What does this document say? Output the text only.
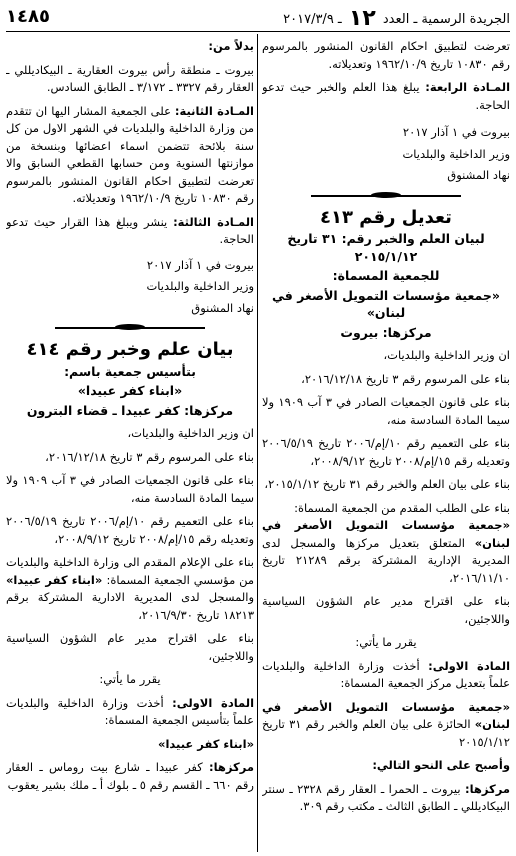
الجريدة الرسمية ـ العدد ١٢ ـ ٢٠١٧/٣/٩
١٤٨٥

تعرضت لتطبيق احكام القانون المنشور بالمرسوم رقم ١٠٨٣٠ تاريخ ١٩٦٢/١٠/٩ وتعديلاته.

المـادة الرابعة: يبلغ هذا العلم والخبر حيث تدعو الحاجة.

بيروت في ١ آذار ٢٠١٧

وزير الداخلية والبلديات

نهاد المشنوق

تعديل رقم ٤١٣
لبيان العلم والخبر رقم: ٣١ تاريخ ٢٠١٥/١/١٢
للجمعية المسماة:
«جمعية مؤسسات التمويل الأصغر في لبنان»
مركزها: بيروت

ان وزير الداخلية والبلديات،

بناء على المرسوم رقم ٣ تاريخ ٢٠١٦/١٢/١٨،

بناء على قانون الجمعيات الصادر في ٣ آب ١٩٠٩ ولا سيما المادة السادسة منه،

بناء على التعميم رقم ١٠/إم/٢٠٠٦ تاريخ ٢٠٠٦/٥/١٩ وتعديله رقم ١٥/إم/٢٠٠٨ تاريخ ٢٠٠٨/٩/١٢،

بناء على بيان العلم والخبر رقم ٣١ تاريخ ٢٠١٥/١/١٢،

بناء على الطلب المقدم من الجمعية المسماة:
«جمعية مؤسسات التمويل الأصغر في لبنان» المتعلق بتعديل مركزها والمسجل لدى المديرية الإدارية المشتركة برقم ٢١٢٨٩ تاريخ ٢٠١٦/١١/١٠،

بناء على اقتراح مدير عام الشؤون السياسية واللاجئين،

يقرر ما يأتي:

المادة الاولى: أخذت وزارة الداخلية والبلديات علماً بتعديل مركز الجمعية المسماة:

«جمعية مؤسسات التمويل الأصغر في لبنان» الحائزة على بيان العلم والخبر رقم ٣١ تاريخ ٢٠١٥/١/١٢

وأصبح على النحو التالي:

مركزها: بيروت ـ الحمرا ـ العقار رقم ٢٣٢٨ ـ سنتر البيكاديللي ـ الطابق الثالث ـ مكتب رقم ٣٠٩.

بدلاً من:

بيروت ـ منطقة رأس بيروت العقارية ـ البيكاديللي ـ العقار رقم ٣٣٢٧ ـ ٣/١٧٢ ـ الطابق السادس.

المـادة الثانية: على الجمعية المشار اليها ان تتقدم من وزارة الداخلية والبلديات في الشهر الاول من كل سنة بلائحة تتضمن اسماء اعضائها وبنسخة من موازنتها السنوية ومن حسابها القطعي السابق والا تعرضت لتطبيق احكام القانون المنشور بالمرسوم رقم ١٠٨٣٠ تاريخ ١٩٦٢/١٠/٩ وتعديلاته.

المـادة الثالثة: ينشر ويبلغ هذا القرار حيث تدعو الحاجة.

بيروت في ١ آذار ٢٠١٧

وزير الداخلية والبلديات

نهاد المشنوق

بيان علم وخبر رقم ٤١٤
بتأسيس جمعية باسم:
«ابناء كفر عبيدا»
مركزها: كفر عبيدا ـ قضاء البترون

ان وزير الداخلية والبلديات،

بناء على المرسوم رقم ٣ تاريخ ٢٠١٦/١٢/١٨،

بناء على قانون الجمعيات الصادر في ٣ آب ١٩٠٩ ولا سيما المادة السادسة منه،

بناء على التعميم رقم ١٠/إم/٢٠٠٦ تاريخ ٢٠٠٦/٥/١٩ وتعديله رقم ١٥/إم/٢٠٠٨ تاريخ ٢٠٠٨/٩/١٢،

بناء على الإعلام المقدم الى وزارة الداخلية والبلديات من مؤسسي الجمعية المسماة: «ابناء كفر عبيدا» والمسجل لدى المديرية الادارية المشتركة برقم ١٨٢١٣ تاريخ ٢٠١٦/٩/٣٠،

بناء على اقتراح مدير عام الشؤون السياسية واللاجئين،

يقرر ما يأتي:

المادة الاولى: أخذت وزارة الداخلية والبلديات علماً بتأسيس الجمعية المسماة:

«ابناء كفر عبيدا»

مركزها: كفر عبيدا ـ شارع بيت روماس ـ العقار رقم ٦٦٠ ـ القسم رقم ٥ ـ بلوك أ ـ ملك بشير يعقوب
